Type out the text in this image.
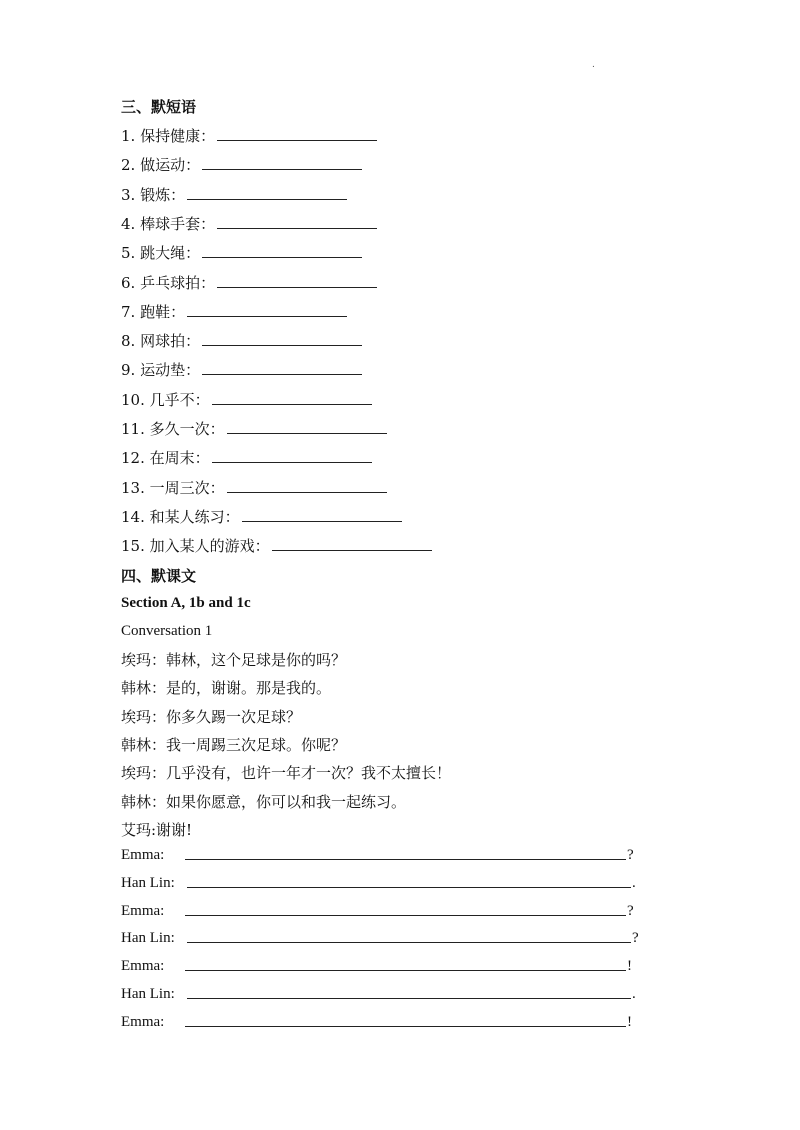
.
三、默短语
1. 保持健康：
2. 做运动：
3. 锻炼：
4. 棒球手套：
5. 跳大绳：
6. 乒乓球拍：
7. 跑鞋：
8. 网球拍：
9. 运动垫：
10. 几乎不：
11. 多久一次：
12. 在周末：
13. 一周三次：
14. 和某人练习：
15. 加入某人的游戏：
四、默课文
Section A, 1b and 1c
Conversation 1
埃玛：韩林，这个足球是你的吗？
韩林：是的，谢谢。那是我的。
埃玛：你多久踢一次足球？
韩林：我一周踢三次足球。你呢？
埃玛：几乎没有，也许一年才一次？我不太擅长！
韩林：如果你愿意，你可以和我一起练习。
艾玛:谢谢!
Emma:	?
Han Lin:	.
Emma:	?
Han Lin:	?
Emma:	!
Han Lin:	.
Emma:	!
